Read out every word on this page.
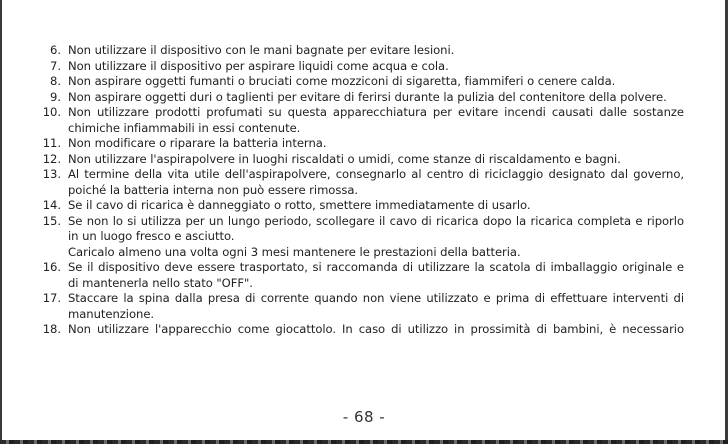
6. Non utilizzare il dispositivo con le mani bagnate per evitare lesioni.
7. Non utilizzare il dispositivo per aspirare liquidi come acqua e cola.
8. Non aspirare oggetti fumanti o bruciati come mozziconi di sigaretta, fiammiferi o cenere calda.
9. Non aspirare oggetti duri o taglienti per evitare di ferirsi durante la pulizia del contenitore della polvere.
10. Non utilizzare prodotti profumati su questa apparecchiatura per evitare incendi causati dalle sostanze
chimiche infiammabili in essi contenute.
11. Non modificare o riparare la batteria interna.
12. Non utilizzare l'aspirapolvere in luoghi riscaldati o umidi, come stanze di riscaldamento e bagni.
13. Al termine della vita utile dell'aspirapolvere, consegnarlo al centro di riciclaggio designato dal governo,
poiché la batteria interna non può essere rimossa.
14. Se il cavo di ricarica è danneggiato o rotto, smettere immediatamente di usarlo.
15. Se non lo si utilizza per un lungo periodo, scollegare il cavo di ricarica dopo la ricarica completa e riporlo
in un luogo fresco e asciutto.
Caricalo almeno una volta ogni 3 mesi mantenere le prestazioni della batteria.
16. Se il dispositivo deve essere trasportato, si raccomanda di utilizzare la scatola di imballaggio originale e
di mantenerla nello stato "OFF".
17. Staccare la spina dalla presa di corrente quando non viene utilizzato e prima di effettuare interventi di
manutenzione.
18. Non utilizzare l'apparecchio come giocattolo. In caso di utilizzo in prossimità di bambini, è necessario
- 68 -
